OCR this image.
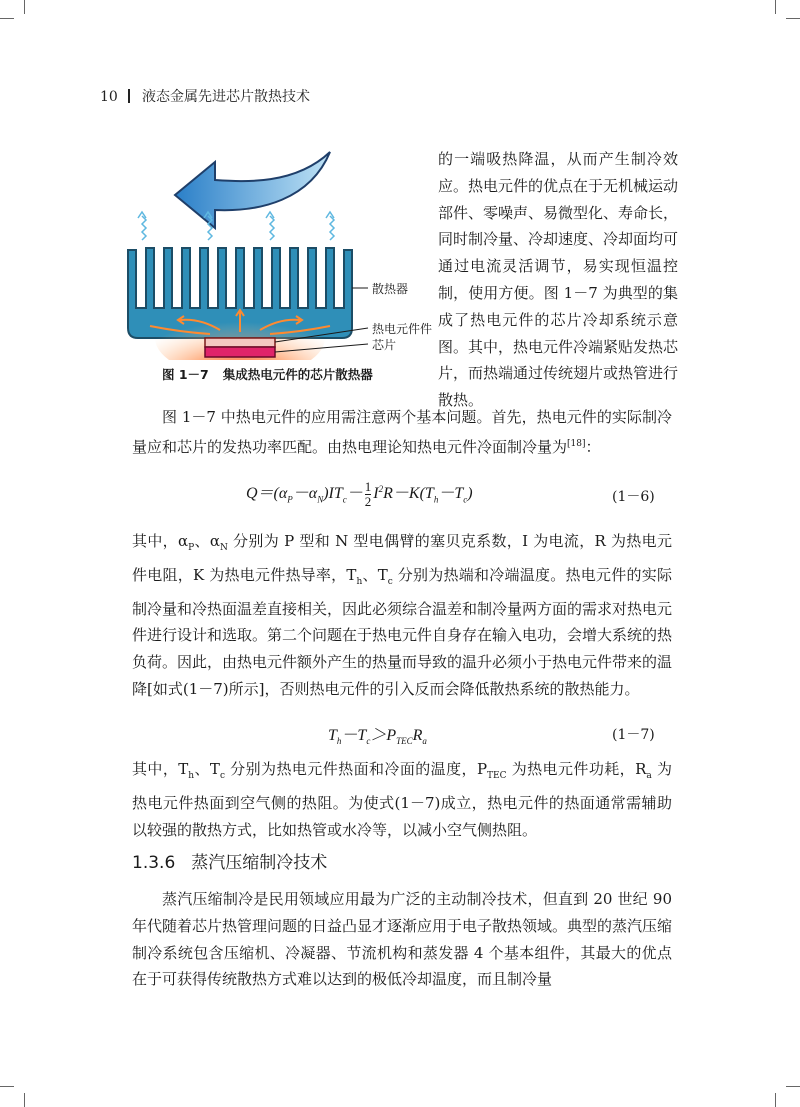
10 液态金属先进芯片散热技术
散热器
热电元件件
芯片
图 1－7 集成热电元件的芯片散热器

的一端吸热降温，从而产生制冷效应。热电元件的优点在于无机械运动部件、零噪声、易微型化、寿命长，同时制冷量、冷却速度、冷却面均可通过电流灵活调节，易实现恒温控制，使用方便。图 1－7 为典型的集成了热电元件的芯片冷却系统示意图。其中，热电元件冷端紧贴发热芯片，而热端通过传统翅片或热管进行散热。

图 1－7 中热电元件的应用需注意两个基本问题。首先，热电元件的实际制冷量应和芯片的发热功率匹配。由热电理论知热电元件冷面制冷量为[18]：

$Q=(\alpha_P-\alpha_N)IT_c- \frac{1}{2} I^2R-K(T_h-T_c)$	(1－6)

其中，$\alpha_P$、$\alpha_N$ 分别为 P 型和 N 型电偶臂的塞贝克系数，I 为电流，R 为热电元件电阻，K 为热电元件热导率，$T_h$、$T_c$ 分别为热端和冷端温度。热电元件的实际制冷量和冷热面温差直接相关，因此必须综合温差和制冷量两方面的需求对热电元件进行设计和选取。第二个问题在于热电元件自身存在输入电功，会增大系统的热负荷。因此，由热电元件额外产生的热量而导致的温升必须小于热电元件带来的温降[如式(1－7)所示]，否则热电元件的引入反而会降低散热系统的散热能力。

$T_h-T_c>P_{TEC}R_a$	(1－7)

其中，$T_h$、$T_c$ 分别为热电元件热面和冷面的温度，$P_{TEC}$ 为热电元件功耗，$R_a$ 为热电元件热面到空气侧的热阻。为使式(1－7)成立，热电元件的热面通常需辅助以较强的散热方式，比如热管或水冷等，以减小空气侧热阻。

1.3.6 蒸汽压缩制冷技术

蒸汽压缩制冷是民用领域应用最为广泛的主动制冷技术，但直到 20 世纪 90 年代随着芯片热管理问题的日益凸显才逐渐应用于电子散热领域。典型的蒸汽压缩制冷系统包含压缩机、冷凝器、节流机构和蒸发器 4 个基本组件，其最大的优点在于可获得传统散热方式难以达到的极低冷却温度，而且制冷量
